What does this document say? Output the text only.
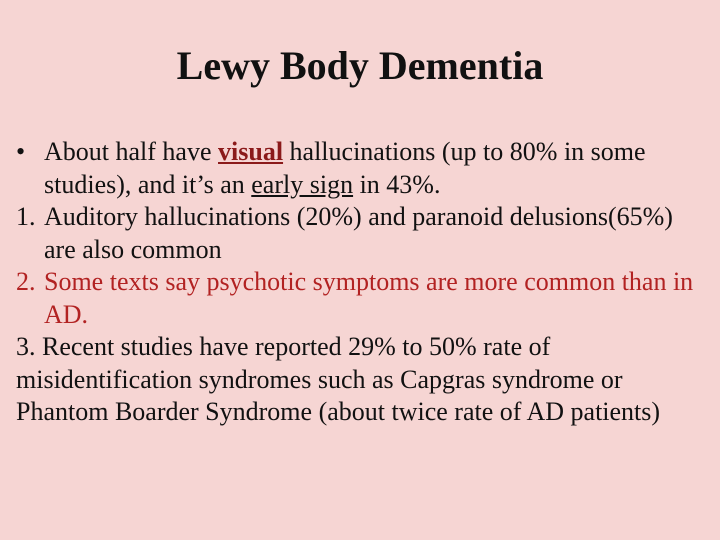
Lewy Body Dementia

• About half have visual hallucinations (up to 80% in some studies), and it’s an early sign in 43%.

1. Auditory hallucinations (20%) and paranoid delusions(65%) are also common

2. Some texts say psychotic symptoms are more common than in AD.

3. Recent studies have reported 29% to 50% rate of misidentification syndromes such as Capgras syndrome or Phantom Boarder Syndrome (about twice rate of AD patients)
